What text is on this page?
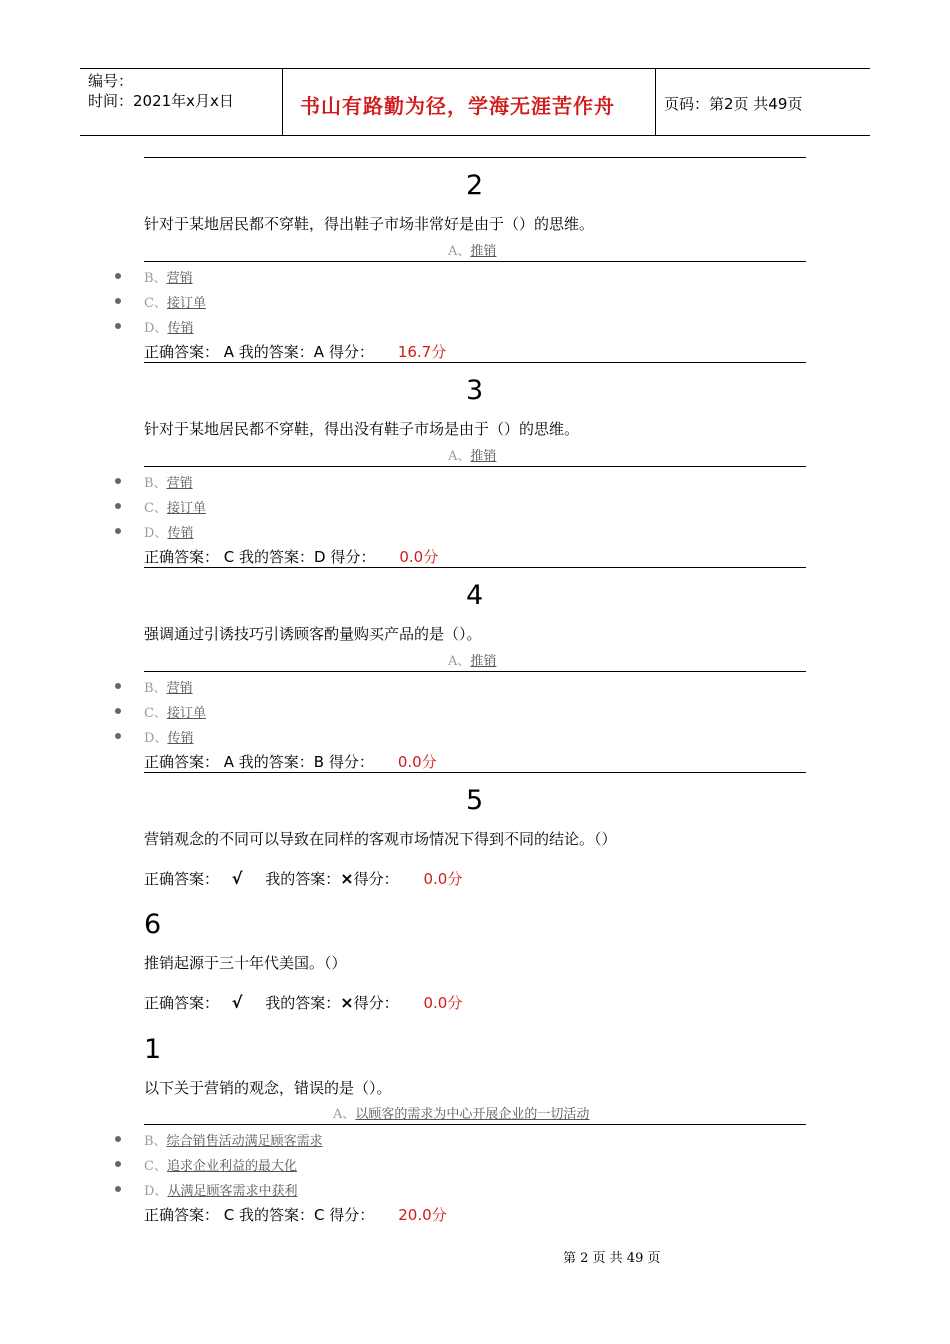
编号：
时间：2021年x月x日	书山有路勤为径，学海无涯苦作舟	页码：第2页 共49页
2
针对于某地居民都不穿鞋，得出鞋子市场非常好是由于（）的思维。
A、推销
B、营销
C、接订单
D、传销
正确答案： A 我的答案：A 得分： 16.7分
3
针对于某地居民都不穿鞋，得出没有鞋子市场是由于（）的思维。
A、推销
B、营销
C、接订单
D、传销
正确答案： C 我的答案：D 得分： 0.0分
4
强调通过引诱技巧引诱顾客酌量购买产品的是（）。
A、推销
B、营销
C、接订单
D、传销
正确答案： A 我的答案：B 得分： 0.0分
5
营销观念的不同可以导致在同样的客观市场情况下得到不同的结论。（）
正确答案： √ 我的答案：×得分： 0.0分
6
推销起源于三十年代美国。（）
正确答案： √ 我的答案：×得分： 0.0分
1
以下关于营销的观念，错误的是（）。
A、以顾客的需求为中心开展企业的一切活动
B、综合销售活动满足顾客需求
C、追求企业利益的最大化
D、从满足顾客需求中获利
正确答案： C 我的答案：C 得分： 20.0分
第 2 页 共 49 页
